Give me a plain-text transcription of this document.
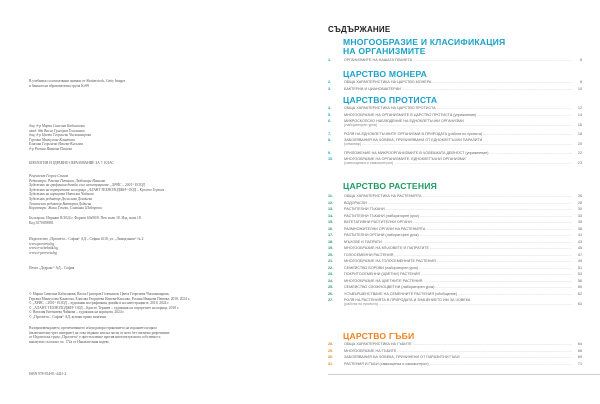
В учебника са използвани снимки от Shutterstock, Getty Images
и банката на образователна група Ko99
доц. д-р Мария Симеона Кабасакова
акад. дбн Васил Григоров Големанов
доц. д-р Цвета Георгиева Чисконмирова
Гергана Манчусова Коматска
Елисава Георгиева Илиева-Кисьова
д-р Росина Иванова Пешева
БИОЛОГИЯ И ЗДРАВНО ОБРАЗОВАНИЕ ЗА 7. КЛАС
Рецензент Георги Сенков
Редактори: Ренета Петкова, Любомира Иванова
Художник на графичния дизайн и на илюстрациите „ХРИС – 2001“ ЕООД
Художник на портретите на корица „АЛАНТ ТЕХНОЛОДЖИ“ ООД – Кръсто Терзиев
Художник на корицата Наталия Чайкова
Художник редактор Десислава Дончиева
Технически редактор Виктория Дойчева
Коректори: Жана Гочева, Славинка Шейтрова
Българска. Издание II/2024 г. Формат 60х90/8. Печ. коли 18. Изд. коли 18.
Код 3570059881
Издателство „Просвета – София“ АД – София 1618, ул. „Лимадзанов“ № 2
www.prosveta.bg
www.e-uchebnik.bg
www.e-prosveta.bg
Печат „Дедракс“ АД – София
© Мария Симеона Кабасакова, Васил Григоров Големанов, Цвета Георгиева Чисконмирова,
Гергана Манчусова Коматска, Елисава Георгиева Илиева-Кисьова, Росина Иванова Пешева, 2018, 2024 г.
© „ХРИС – 2001“ ЕООД – художник на графичния дизайн и на илюстрациите, 2018, 2024 г.
© „АЛАНТ ТЕХНОЛОДЖИ“ ООД – Кръсто Терзиев – художник на портретите на корица, 2018 г.
© Наталия Евгениева Чайкова – художник на корицата, 2024 г.
© „Просвета – София“ АД, всички права запазени.
Възпроизвеждането, препечатването и/или разпространението на изданието изцяло
(включително чрез интернет) на това издание или на части от него без писмено разрешение
от Издателска група „Просвета“ е престъпление против интелектуалната собственост,
наказуемо съгласно чл. 172а от Наказателния кодекс.
ISBN 978-954-01-4441-2
СЪДЪРЖАНИЕ
МНОГООБРАЗИЕ И КЛАСИФИКАЦИЯ
НА ОРГАНИЗМИТЕ
ЦАРСТВО МОНЕРА
ЦАРСТВО ПРОТИСТА
ЦАРСТВО РАСТЕНИЯ
ЦАРСТВО ГЪБИ
1.	ОРГАНИЗМИТЕ НА НАШАТА ПЛАНЕТА .....	6
2.	ОБЩА ХАРАКТЕРИСТИКА НА ЦАРСТВО МОНЕРА .....	8
3.	БАКТЕРИИ И ЦИАНОБАКТЕРИИ .....	10
4.	ОБЩА ХАРАКТЕРИСТИКА НА ЦАРСТВО ПРОТИСТА .....	12
5.	МНОГООБРАЗИЕ НА ОРГАНИЗМИТЕ В ЦАРСТВО ПРОТИСТА (упражнение) .....	14
6.	МИКРОСКОПСКО НАБЛЮДЕНИЕ НА ЕДНОКЛЕТЪЧНИ ОРГАНИЗМИ
(лабораторен урок) .....	16
7.	РОЛЯ НА ЕДНОКЛЕТЪЧНИТЕ ОРГАНИЗМИ В ПРИРОДАТА (работа по проекта) .....	18
8.	ЗАБОЛЯВАНИЯ НА ЧОВЕКА, ПРИЧИНЯВАНИ ОТ ЕДНОКЛЕТЪЧНИ ПАРАЗИТИ
(семинар) .....	20
9.	ПРИЛОЖЕНИЕ НА МИКРООРГАНИЗМИТЕ В ЧОВЕШКАТА ДЕЙНОСТ (упражнение) .....	22
10.	МНОГООБРАЗИЕ НА ОРГАНИЗМИТЕ. ЕДНОКЛЕТЪЧНИ ОРГАНИЗМИ
(самооценка и самоконтрол) .....	23
11.	ОБЩА ХАРАКТЕРИСТИКА НА РАСТЕНИЯТА .....	26
12.	ВОДОРАСЛИ .....	28
13.	РАСТИТЕЛНИ ТЪКАНИ .....	30
14.	РАСТИТЕЛНИ ТЪКАНИ (лабораторен урок) .....	33
15.	ВЕГЕТАТИВНИ РАСТИТЕЛНИ ОРГАНИ .....	35
16.	РАЗМНОЖИТЕЛНИ ОРГАНИ НА РАСТЕНИЯТА .....	38
17.	РАСТИТЕЛНИ ОРГАНИ (лабораторен урок) .....	41
18.	МЪХОВЕ И ПАПРАТИ .....	43
19.	МНОГООБРАЗИЕ НА МЪХОВЕТЕ И ПАПРАТИТЕ .....	45
20.	ГОЛОСЕМЕННИ РАСТЕНИЯ .....	47
21.	МНОГООБРАЗИЕ НА ГОЛОСЕМЕННИТЕ РАСТЕНИЯ .....	49
22.	СЕМЕЙСТВО БОРОВИ (лабораторен урок) .....	51
23.	ПОКРИТОСЕМЕННИ (ЦВЕТНИ) РАСТЕНИЯ .....	53
24.	МНОГООБРАЗИЕ НА ЦВЕТНИТЕ РАСТЕНИЯ .....	56
25.	СЕМЕЙСТВО СЛОЖНОЦВЕТНИ (лабораторен урок) .....	60
26.	УСЪВЪРШЕНСТВАНЕ НА СЕМЕННИТЕ РАСТЕНИЯ (обобщение) .....	62
27.	РОЛЯ НА РАСТЕНИЯТА В ПРИРОДАТА И ЗНАЧЕНИЕТО ИМ ЗА ЧОВЕКА
(работа по проекта) .....	63
28.	ОБЩА ХАРАКТЕРИСТИКА НА ГЪБИТЕ .....	64
29.	МНОГООБРАЗИЕ НА ГЪБИТЕ .....	66
30.	ЗАБОЛЯВАНИЯ НА ЧОВЕКА, ПРИЧИНЕНИ ОТ ПАРАЗИТНИ ГЪБИ .....	69
31.	РАСТЕНИЯ И ГЪБИ (самооценка и самоконтрол) .....	71
